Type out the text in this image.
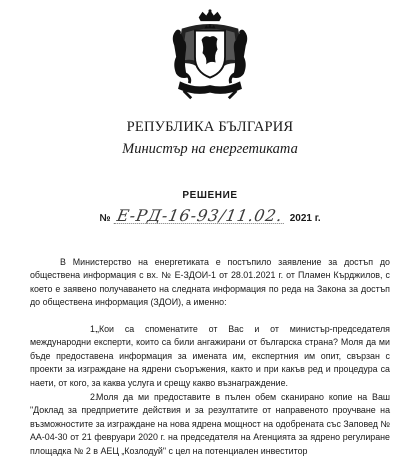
РЕПУБЛИКА БЪЛГАРИЯ
Министър на енергетиката
РЕШЕНИЕ
№ Е-РД-16-93/11.02. 2021 г.
В Министерство на енергетиката е постъпило заявление за достъп до обществена информация с вх. № Е-ЗДОИ-1 от 28.01.2021 г. от Пламен Кърджилов, с което е заявено получаването на следната информация по реда на Закона за достъп до обществена информация (ЗДОИ), а именно:
1.„Кои са споменатите от Вас и от министър-председателя международни експерти, които са били ангажирани от българска страна? Моля да ми бъде предоставена информация за имената им, експертния им опит, свързан с проекти за изграждане на ядрени съоръжения, както и при какъв ред и процедура са наети, от кого, за каква услуга и срещу какво възнаграждение.
2.Моля да ми предоставите в пълен обем сканирано копие на Ваш "Доклад за предприетите действия и за резултатите от направеното проучване на възможностите за изграждане на нова ядрена мощност на одобрената със Заповед № АА-04-30 от 21 февруари 2020 г. на председателя на Агенцията за ядрено регулиране площадка № 2 в АЕЦ „Козлодуй" с цел на потенциален инвеститор
